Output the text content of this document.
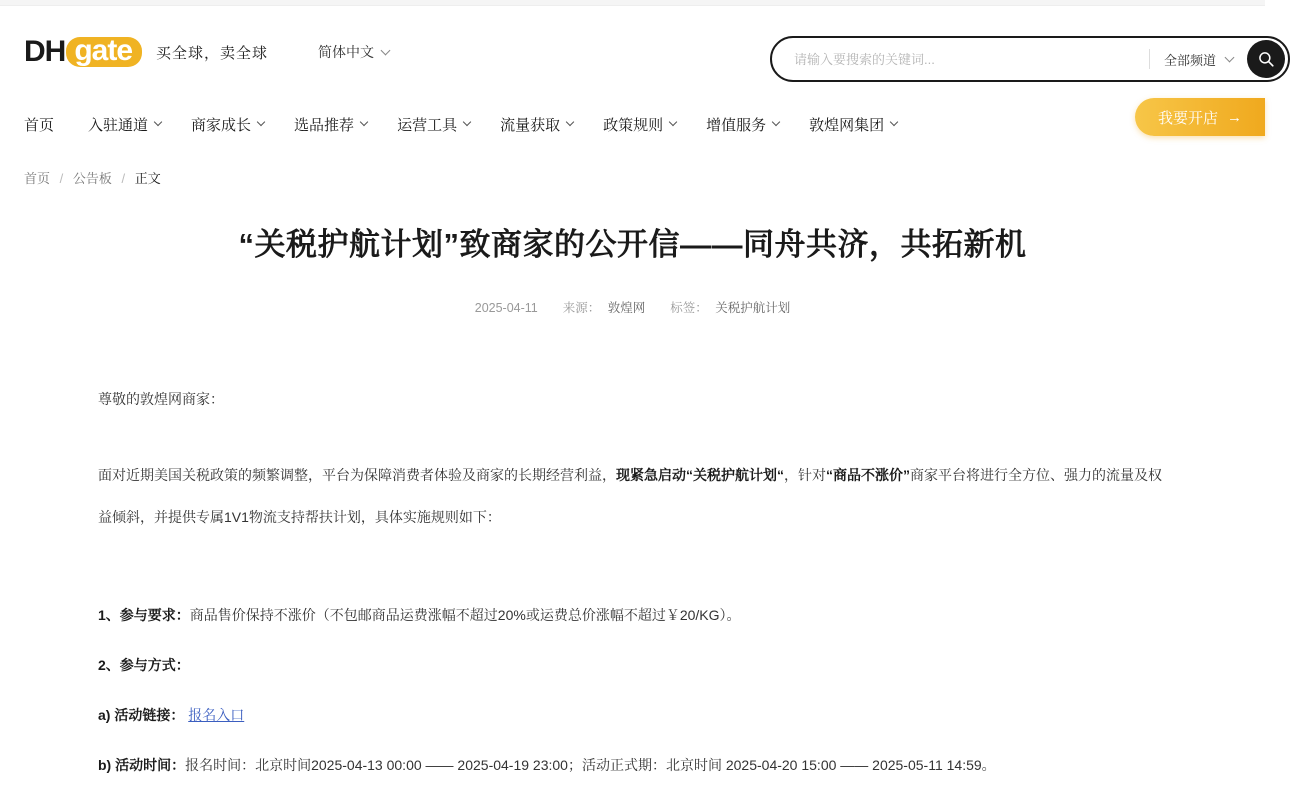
DH gate	买全球，卖全球	简体中文
请输入要搜索的关键词...	全部频道
首页 入驻通道	商家成长	选品推荐	运营工具	流量获取	政策规则	增值服务	敦煌网集团	我要开店 →
首页 / 公告板 / 正文
“关税护航计划”致商家的公开信——同舟共济，共拓新机
2025-04-11 来源： 敦煌网 标签： 关税护航计划

尊敬的敦煌网商家：

面对近期美国关税政策的频繁调整，平台为保障消费者体验及商家的长期经营利益，现紧急启动“关税护航计划“，针对“商品不涨价”商家平台将进行全方位、强力的流量及权益倾斜，并提供专属1V1物流支持帮扶计划，具体实施规则如下：

1、参与要求：商品售价保持不涨价（不包邮商品运费涨幅不超过20%或运费总价涨幅不超过￥20/KG）。

2、参与方式：

a) 活动链接： 报名入口

b) 活动时间：报名时间：北京时间2025-04-13 00:00 —— 2025-04-19 23:00；活动正式期：北京时间 2025-04-20 15:00 —— 2025-05-11 14:59。
